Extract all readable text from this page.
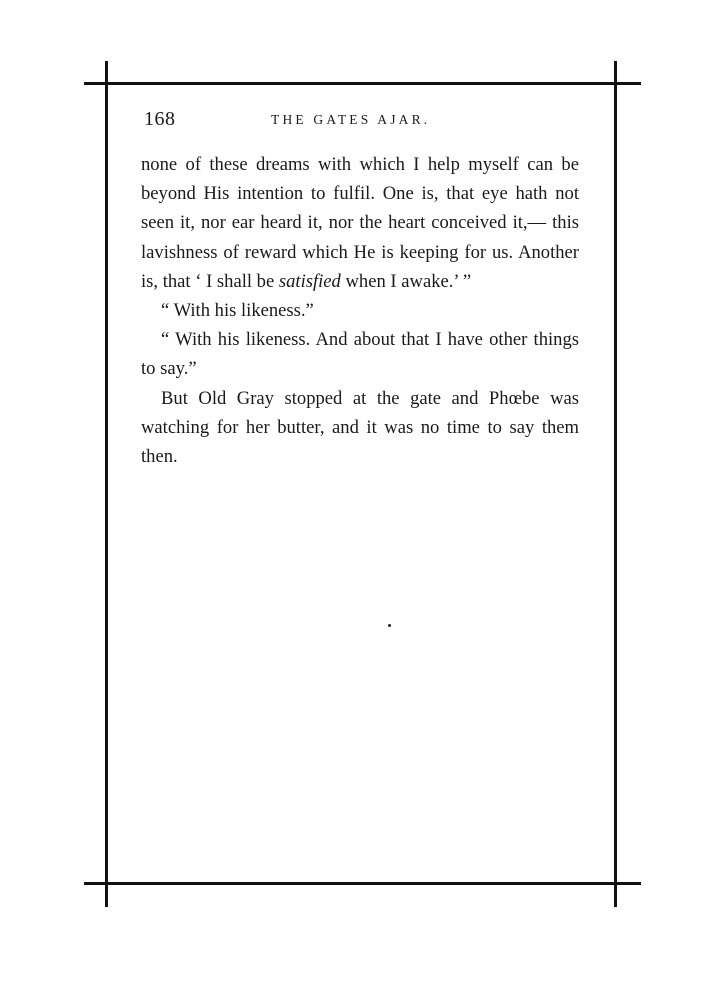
168	THE GATES AJAR.

none of these dreams with which I help myself can be beyond His intention to fulfil. One is, that eye hath not seen it, nor ear heard it, nor the heart conceived it,— this lavishness of reward which He is keeping for us. Another is, that ‘ I shall be satisfied when I awake.’ ”

“ With his likeness.”

“ With his likeness. And about that I have other things to say.”

But Old Gray stopped at the gate and Phœbe was watching for her butter, and it was no time to say them then.
